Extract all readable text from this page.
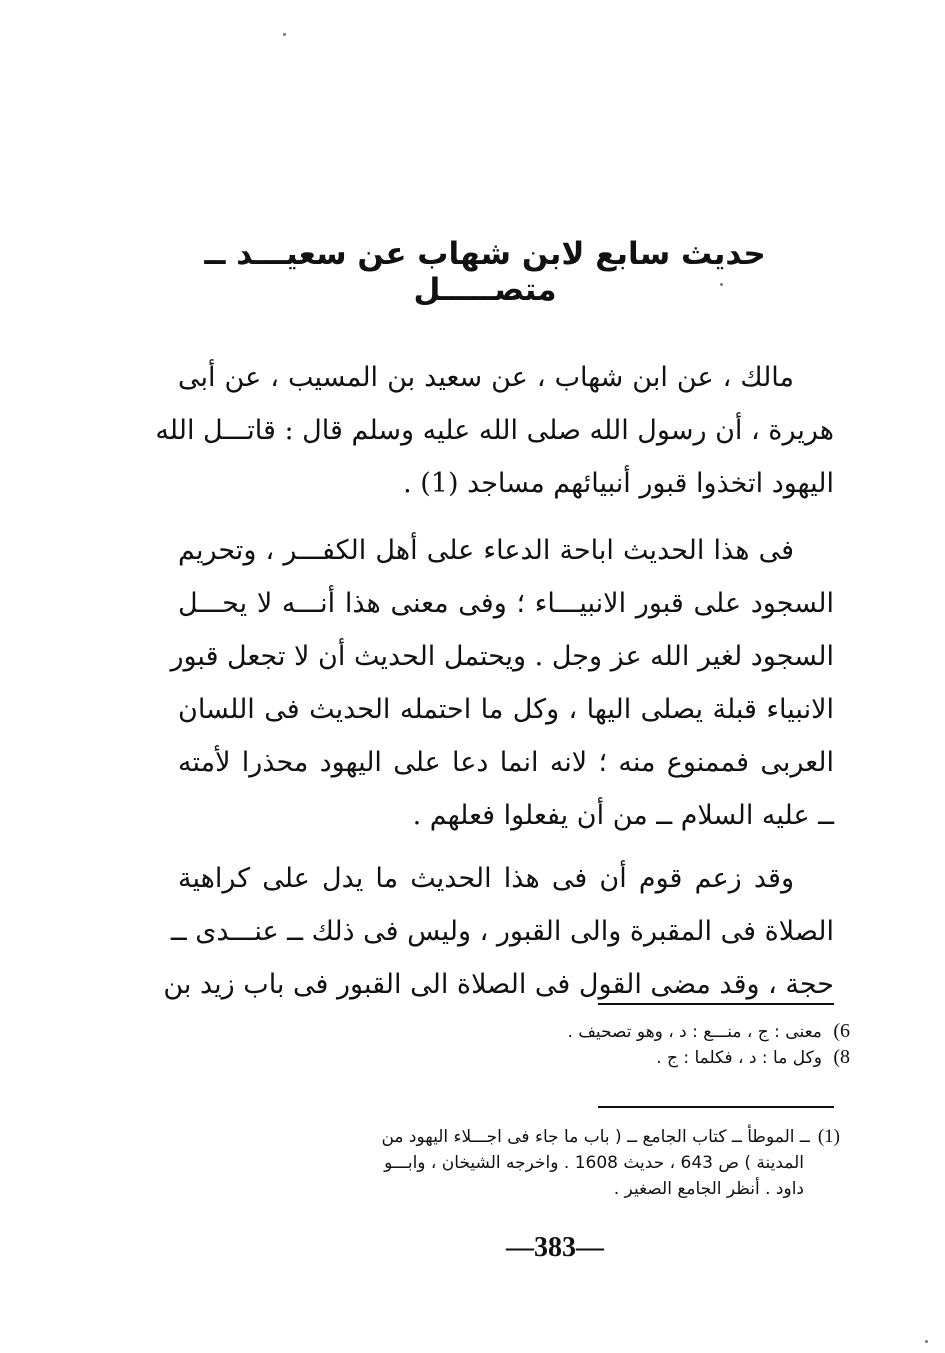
حديث سابع لابن شهاب عن سعيـــد ــ متصـــــل
مالك ، عن ابن شهاب ، عن سعيد بن المسيب ، عن أبى
هريرة ، أن رسول الله صلى الله عليه وسلم قال : قاتـــل الله
اليهود اتخذوا قبور أنبيائهم مساجد (1) .
فى هذا الحديث اباحة الدعاء على أهل الكفـــر ، وتحريم
السجود على قبور الانبيـــاء ؛ وفى معنى هذا أنـــه لا يحـــل
السجود لغير الله عز وجل . ويحتمل الحديث أن لا تجعل قبور
الانبياء قبلة يصلى اليها ، وكل ما احتمله الحديث فى اللسان
العربى فممنوع منه ؛ لانه انما دعا على اليهود محذرا لأمته
ــ عليه السلام ــ من أن يفعلوا فعلهم .
وقد زعم قوم أن فى هذا الحديث ما يدل على كراهية
الصلاة فى المقبرة والى القبور ، وليس فى ذلك ــ عنـــدى ــ
حجة ، وقد مضى القول فى الصلاة الى القبور فى باب زيد بن
6) معنى : ج ، منـــع : د ، وهو تصحيف .
8) وكل ما : د ، فكلما : ج .
(1)ــ الموطأ ــ كتاب الجامع ــ ( باب ما جاء فى اجـــلاء اليهود من
المدينة ) ص 643 ، حديث 1608 . واخرجه الشيخان ، وابـــو
داود . أنظر الجامع الصغير .
—383—
